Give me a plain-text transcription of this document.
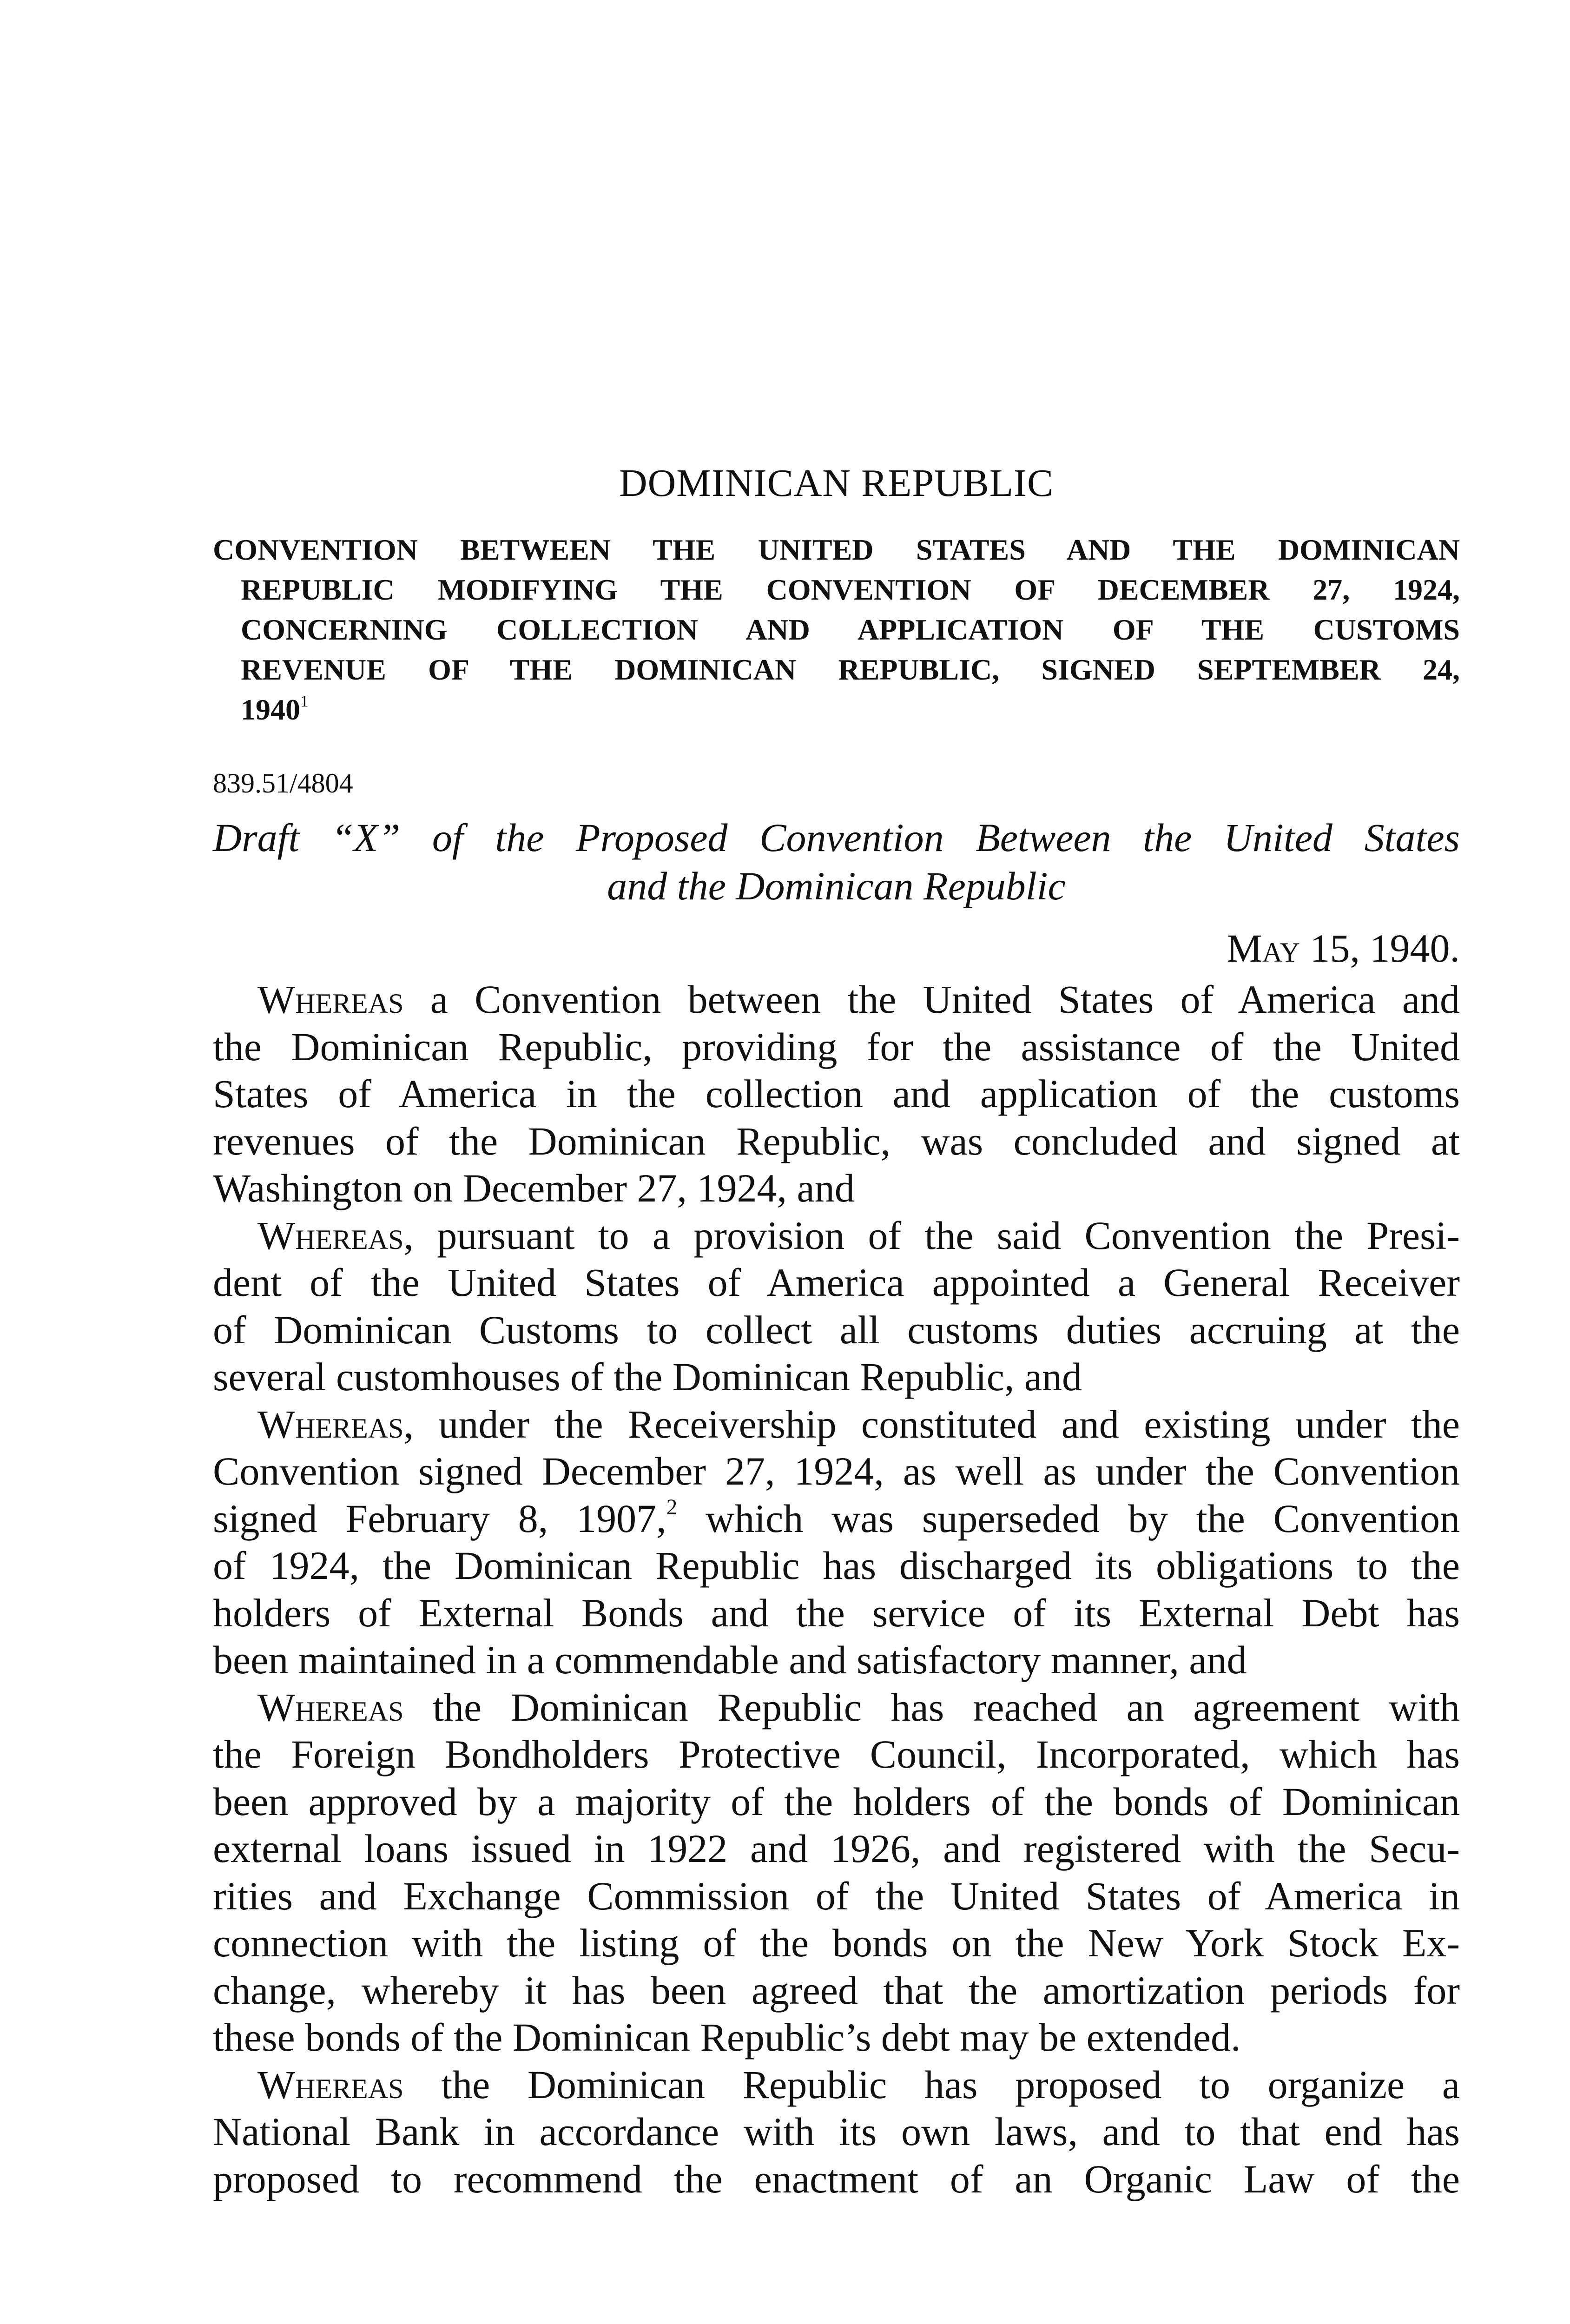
DOMINICAN REPUBLIC
CONVENTION BETWEEN THE UNITED STATES AND THE DOMINICAN
REPUBLIC MODIFYING THE CONVENTION OF DECEMBER 27, 1924,
CONCERNING COLLECTION AND APPLICATION OF THE CUSTOMS
REVENUE OF THE DOMINICAN REPUBLIC, SIGNED SEPTEMBER 24,
1940$^1$
839.51/4804
Draft “X” of the Proposed Convention Between the United States
and the Dominican Republic
May 15, 1940.

Whereas a Convention between the United States of America and
the Dominican Republic, providing for the assistance of the United
States of America in the collection and application of the customs
revenues of the Dominican Republic, was concluded and signed at
Washington on December 27, 1924, and

Whereas, pursuant to a provision of the said Convention the Presi-
dent of the United States of America appointed a General Receiver
of Dominican Customs to collect all customs duties accruing at the
several customhouses of the Dominican Republic, and

Whereas, under the Receivership constituted and existing under the
Convention signed December 27, 1924, as well as under the Convention
signed February 8, 1907,$^2$ which was superseded by the Convention
of 1924, the Dominican Republic has discharged its obligations to the
holders of External Bonds and the service of its External Debt has
been maintained in a commendable and satisfactory manner, and

Whereas the Dominican Republic has reached an agreement with
the Foreign Bondholders Protective Council, Incorporated, which has
been approved by a majority of the holders of the bonds of Dominican
external loans issued in 1922 and 1926, and registered with the Secu-
rities and Exchange Commission of the United States of America in
connection with the listing of the bonds on the New York Stock Ex-
change, whereby it has been agreed that the amortization periods for
these bonds of the Dominican Republic’s debt may be extended.

Whereas the Dominican Republic has proposed to organize a
National Bank in accordance with its own laws, and to that end has
proposed to recommend the enactment of an Organic Law of the
